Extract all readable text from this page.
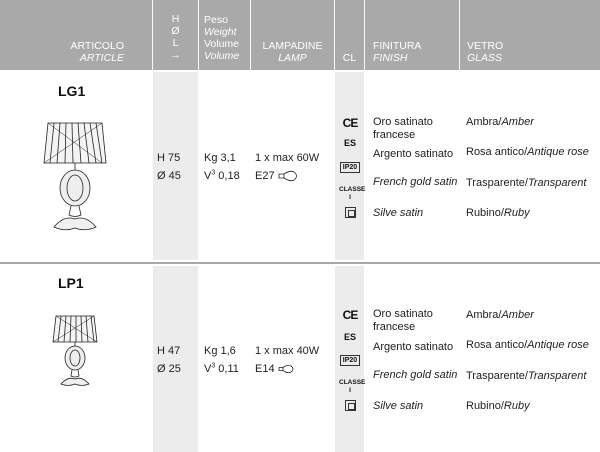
ARTICOLO
ARTICLE
H
Ø
L
→
Peso
Weight
Volume
Volume
LAMPADINE
LAMP	CL
FINITURA
FINISH
VETRO
GLASS
LG1
H 75
Ø 45
Kg 3,1
$V^3$ 0,18
1 x max 60W
E27
CE
ES
IP20
CLASSE I
Oro satinato francese
Argento satinato
French gold satin
Silve satin
Ambra/Amber
Rosa antico/Antique rose
Trasparente/Transparent
Rubino/Ruby
LP1
H 47
Ø 25
Kg 1,6
$V^3$ 0,11
1 x max 40W
E14
CE
ES
IP20
CLASSE I
Oro satinato francese
Argento satinato
French gold satin
Silve satin
Ambra/Amber
Rosa antico/Antique rose
Trasparente/Transparent
Rubino/Ruby
